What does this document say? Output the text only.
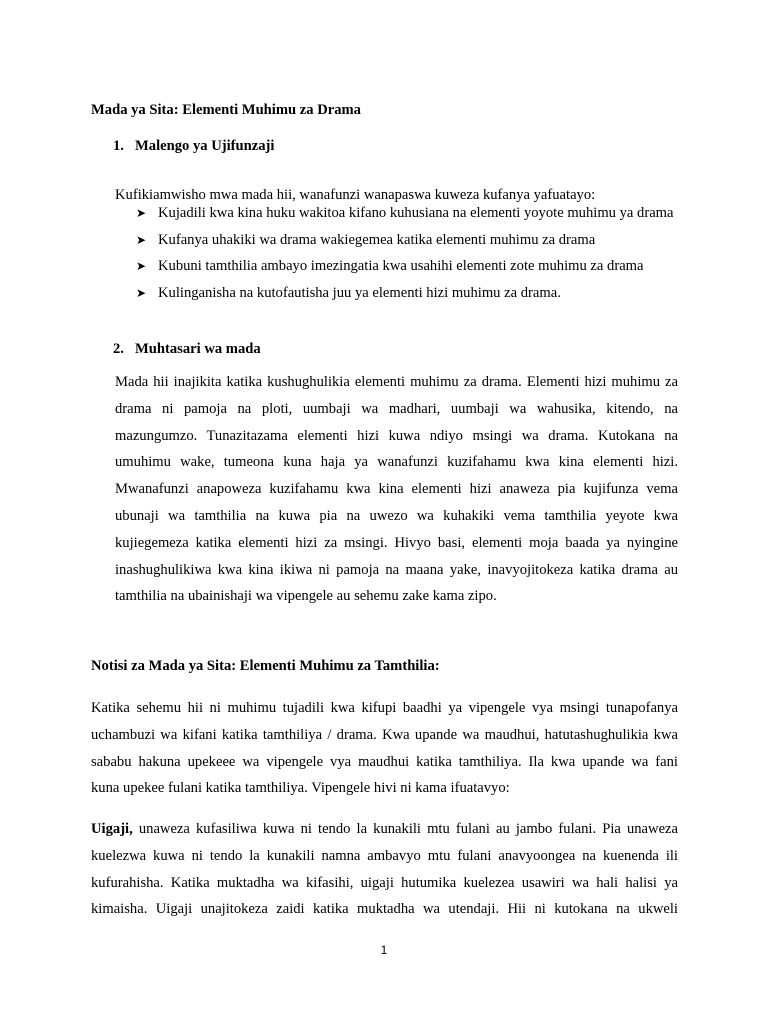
Mada ya Sita: Elementi Muhimu za Drama

1. Malengo ya Ujifunzaji

Kufikiamwisho mwa mada hii, wanafunzi wanapaswa kuweza kufanya yafuatayo:

➤ Kujadili kwa kina huku wakitoa kifano kuhusiana na elementi yoyote muhimu ya drama
➤ Kufanya uhakiki wa drama wakiegemea katika elementi muhimu za drama
➤ Kubuni tamthilia ambayo imezingatia kwa usahihi elementi zote muhimu za drama
➤ Kulinganisha na kutofautisha juu ya elementi hizi muhimu za drama.
2. Muhtasari wa mada
Mada hii inajikita katika kushughulikia elementi muhimu za drama. Elementi hizi muhimu za
drama ni pamoja na ploti, uumbaji wa madhari, uumbaji wa wahusika, kitendo, na
mazungumzo. Tunazitazama elementi hizi kuwa ndiyo msingi wa drama. Kutokana na
umuhimu wake, tumeona kuna haja ya wanafunzi kuzifahamu kwa kina elementi hizi.
Mwanafunzi anapoweza kuzifahamu kwa kina elementi hizi anaweza pia kujifunza vema
ubunaji wa tamthilia na kuwa pia na uwezo wa kuhakiki vema tamthilia yeyote kwa
kujiegemeza katika elementi hizi za msingi. Hivyo basi, elementi moja baada ya nyingine
inashughulikiwa kwa kina ikiwa ni pamoja na maana yake, inavyojitokeza katika drama au
tamthilia na ubainishaji wa vipengele au sehemu zake kama zipo.

Notisi za Mada ya Sita: Elementi Muhimu za Tamthilia:

Katika sehemu hii ni muhimu tujadili kwa kifupi baadhi ya vipengele vya msingi tunapofanya
uchambuzi wa kifani katika tamthiliya / drama. Kwa upande wa maudhui, hatutashughulikia kwa
sababu hakuna upekeee wa vipengele vya maudhui katika tamthiliya. Ila kwa upande wa fani
kuna upekee fulani katika tamthiliya. Vipengele hivi ni kama ifuatavyo:
Uigaji, unaweza kufasiliwa kuwa ni tendo la kunakili mtu fulani au jambo fulani. Pia unaweza
kuelezwa kuwa ni tendo la kunakili namna ambavyo mtu fulani anavyoongea na kuenenda ili
kufurahisha. Katika muktadha wa kifasihi, uigaji hutumika kuelezea usawiri wa hali halisi ya
kimaisha. Uigaji unajitokeza zaidi katika muktadha wa utendaji. Hii ni kutokana na ukweli
1
